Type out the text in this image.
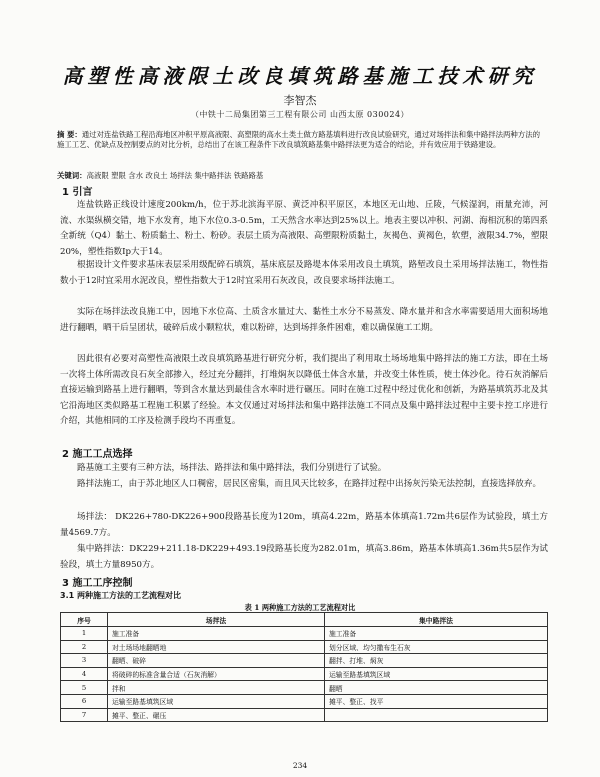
高塑性高液限土改良填筑路基施工技术研究
李智杰
（中铁十二局集团第三工程有限公司 山西太原 030024）
摘 要：通过对连盐铁路工程沿海地区冲积平原高液限、高塑限的高水土类土做方路基填料进行改良试验研究，通过对场拌法和集中路拌法两种方法的施工工艺、优缺点及控制要点的对比分析，总结出了在该工程条件下改良填筑路基集中路拌法更为适合的结论，并有效应用于铁路建设。
关键词：高液限 塑限 含水 改良土 场拌法 集中路拌法 铁路路基
1 引言
连盐铁路正线设计速度200km/h，位于苏北滨海平原、黄泛冲积平原区，本地区无山地、丘陵，气候湿润，雨量充沛，河流、水渠纵横交错，地下水发育，地下水位0.3-0.5m，工天然含水率达到25%以上。地表主要以冲积、河湖、海相沉积的第四系全新统（Q4）黏土、粉质黏土、粉土、粉砂。表层土质为高液限、高塑限粉质黏土，灰褐色、黄褐色，软塑，液限34.7%，塑限20%，塑性指数Ip大于14。
根据设计文件要求基床表层采用级配碎石填筑，基床底层及路堤本体采用改良土填筑，路堑改良土采用场拌法施工，物性指数小于12时宜采用水泥改良，塑性指数大于12时宜采用石灰改良，改良要求场拌法施工。
实际在场拌法改良施工中，因地下水位高、土质含水量过大、黏性土水分不易蒸发、降水量并和含水率需要适用大面积场地进行翻晒，晒干后呈团状，破碎后成小颗粒状，难以粉碎，达到场拌条件困难，难以确保施工工期。
因此很有必要对高塑性高液限土改良填筑路基进行研究分析，我们提出了利用取土场场地集中路拌法的施工方法，即在土场一次将土体所需改良石灰全部掺入，经过充分翻拌，打堆焖灰以降低土体含水量，并改变土体性质，使土体沙化。待石灰消解后直接运输到路基上进行翻晒，等到含水量达到最佳含水率时进行碾压。同时在施工过程中经过优化和创新，为路基填筑苏北及其它沿海地区类似路基工程施工积累了经验。本文仅通过对场拌法和集中路拌法施工不同点及集中路拌法过程中主要卡控工序进行介绍，其他相同的工序及检测手段均不再重复。
2 施工工点选择
路基施工主要有三种方法，场拌法、路拌法和集中路拌法，我们分别进行了试验。
路拌法施工，由于苏北地区人口稠密，居民区密集，而且风天比较多，在路拌过程中出扬灰污染无法控制，直接选择放弃。
场拌法： DK226+780-DK226+900段路基长度为120m，填高4.22m，路基本体填高1.72m共6层作为试验段，填土方量4569.7方。
集中路拌法：DK229+211.18-DK229+493.19段路基长度为282.01m，填高3.86m，路基本体填高1.36m共5层作为试验段，填土方量8950方。
3 施工工序控制
3.1 两种施工方法的工艺流程对比
表 1 两种施工方法的工艺流程对比
序号	场拌法	集中路拌法
1	施工准备	施工准备
2	对土场场地翻晒地	划分区域、均匀撒布生石灰
3	翻晒、破碎	翻拌、打堆、焖灰
4	将破碎的标准含量合适（石灰消解）	运输至路基填筑区域
5	拌和	翻晒
6	运输至路基填筑区域	摊平、整正、找平
7	摊平、整正、碾压	
234
